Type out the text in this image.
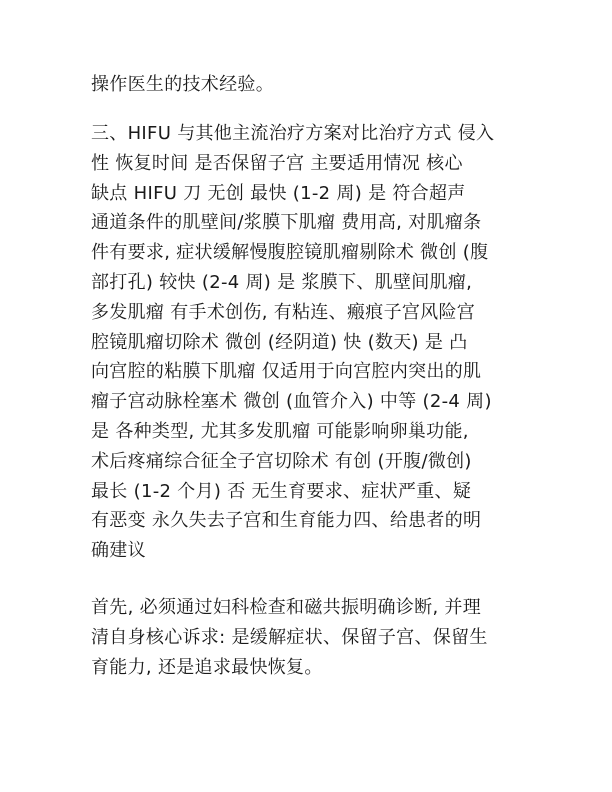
操作医生的技术经验。

三、HIFU 与其他主流治疗方案对比治疗方式 侵入
性 恢复时间 是否保留子宫 主要适用情况 核心
缺点 HIFU 刀 无创 最快 (1-2 周) 是 符合超声
通道条件的肌壁间/浆膜下肌瘤 费用高, 对肌瘤条
件有要求, 症状缓解慢腹腔镜肌瘤剔除术 微创 (腹
部打孔) 较快 (2-4 周) 是 浆膜下、肌壁间肌瘤,
多发肌瘤 有手术创伤, 有粘连、瘢痕子宫风险宫
腔镜肌瘤切除术 微创 (经阴道) 快 (数天) 是 凸
向宫腔的粘膜下肌瘤 仅适用于向宫腔内突出的肌
瘤子宫动脉栓塞术 微创 (血管介入) 中等 (2-4 周)
是 各种类型, 尤其多发肌瘤 可能影响卵巢功能,
术后疼痛综合征全子宫切除术 有创 (开腹/微创)
最长 (1-2 个月) 否 无生育要求、症状严重、疑
有恶变 永久失去子宫和生育能力四、给患者的明
确建议

首先, 必须通过妇科检查和磁共振明确诊断, 并理
清自身核心诉求: 是缓解症状、保留子宫、保留生
育能力, 还是追求最快恢复。
